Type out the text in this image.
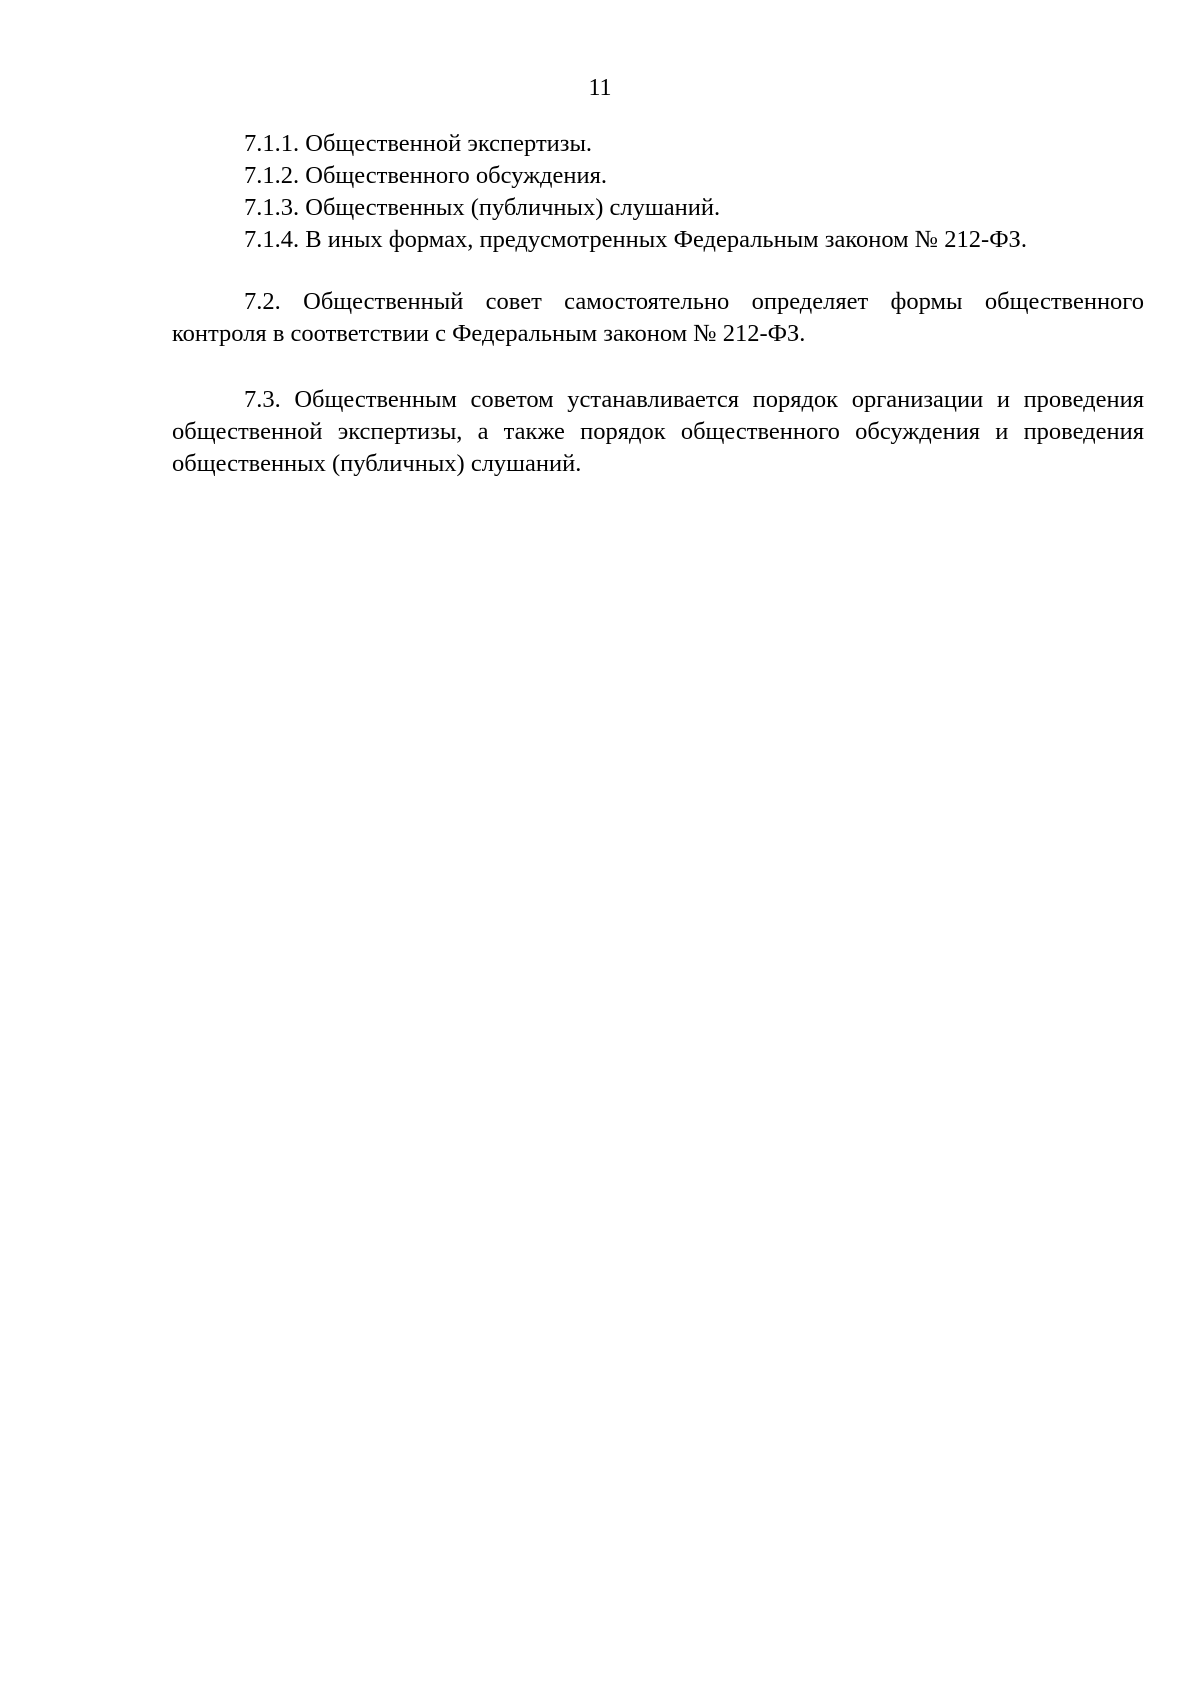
11
7.1.1. Общественной экспертизы.
7.1.2. Общественного обсуждения.
7.1.3. Общественных (публичных) слушаний.
7.1.4. В иных формах, предусмотренных Федеральным законом № 212-ФЗ.

7.2. Общественный совет самостоятельно определяет формы общественного контроля в соответствии с Федеральным законом № 212-ФЗ.

7.3. Общественным советом устанавливается порядок организации и проведения общественной экспертизы, а также порядок общественного обсуждения и проведения общественных (публичных) слушаний.
